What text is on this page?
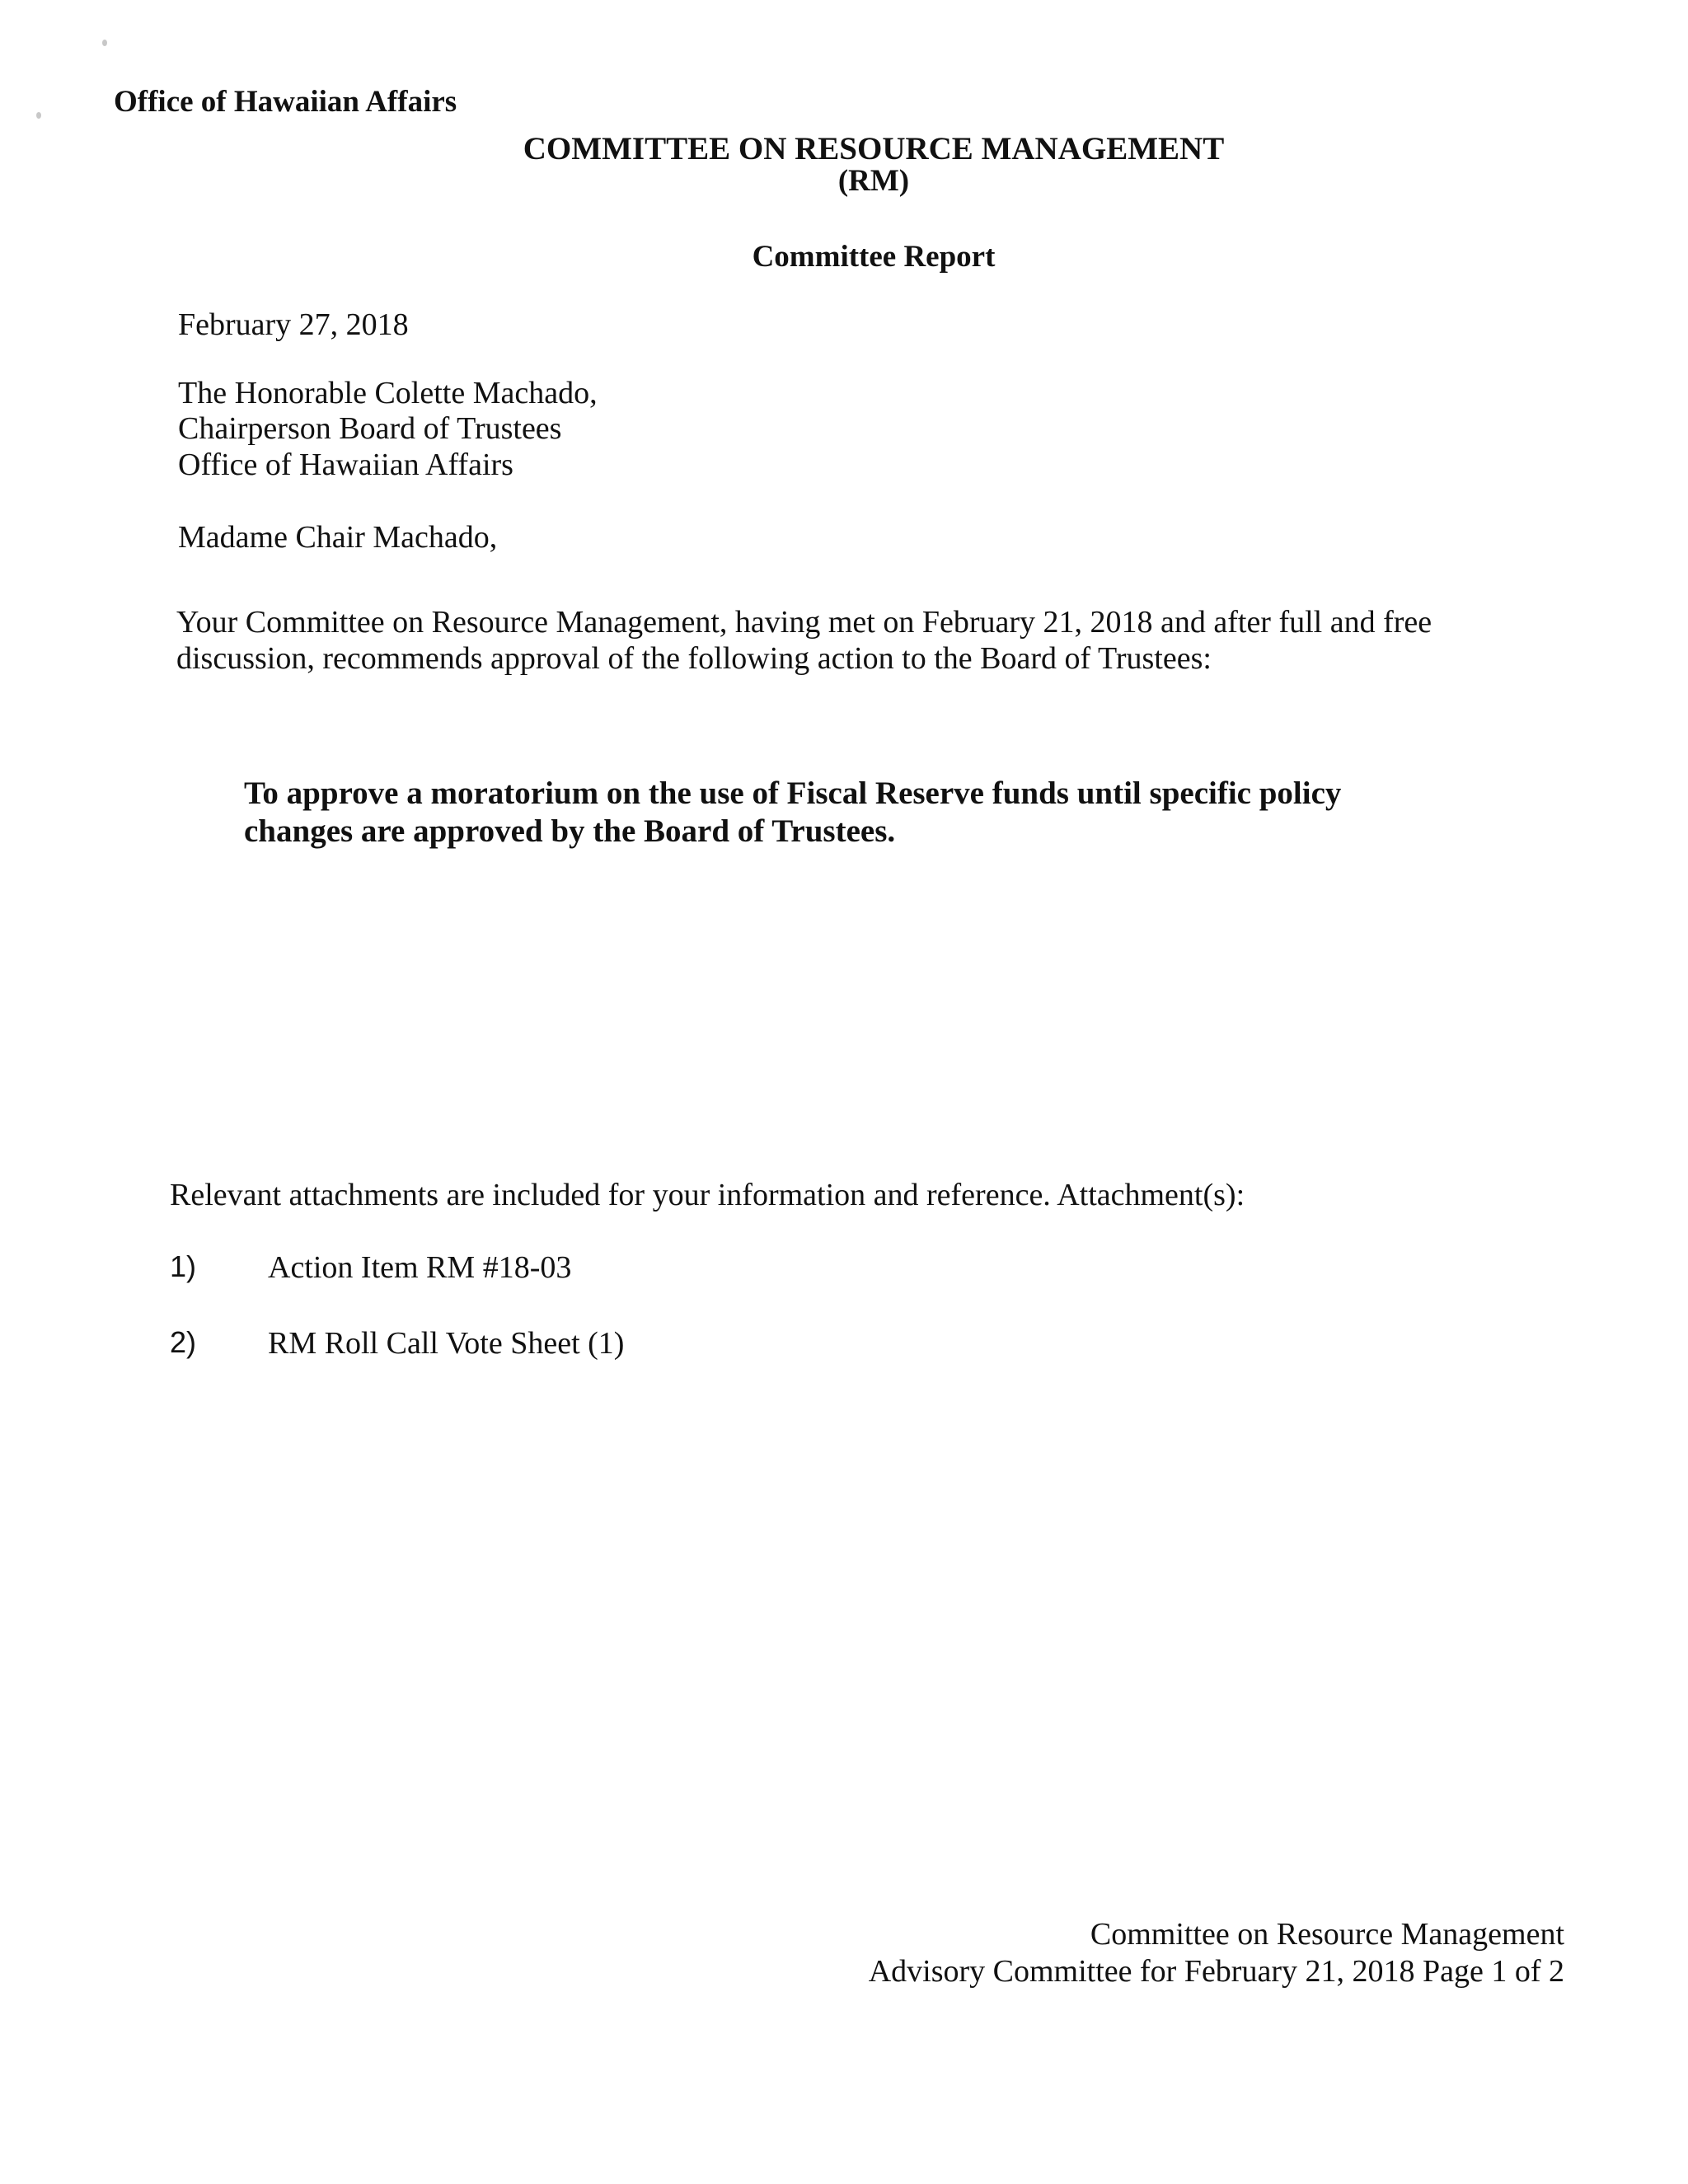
Office of Hawaiian Affairs
COMMITTEE ON RESOURCE MANAGEMENT
(RM)
Committee Report
February 27, 2018
The Honorable Colette Machado,
Chairperson Board of Trustees
Office of Hawaiian Affairs
Madame Chair Machado,
Your Committee on Resource Management, having met on February 21, 2018 and after full and free discussion, recommends approval of the following action to the Board of Trustees:
To approve a moratorium on the use of Fiscal Reserve funds until specific policy changes are approved by the Board of Trustees.
Relevant attachments are included for your information and reference. Attachment(s):
1) Action Item RM #18-03
2) RM Roll Call Vote Sheet (1)
Committee on Resource Management
Advisory Committee for February 21, 2018 Page 1 of 2
